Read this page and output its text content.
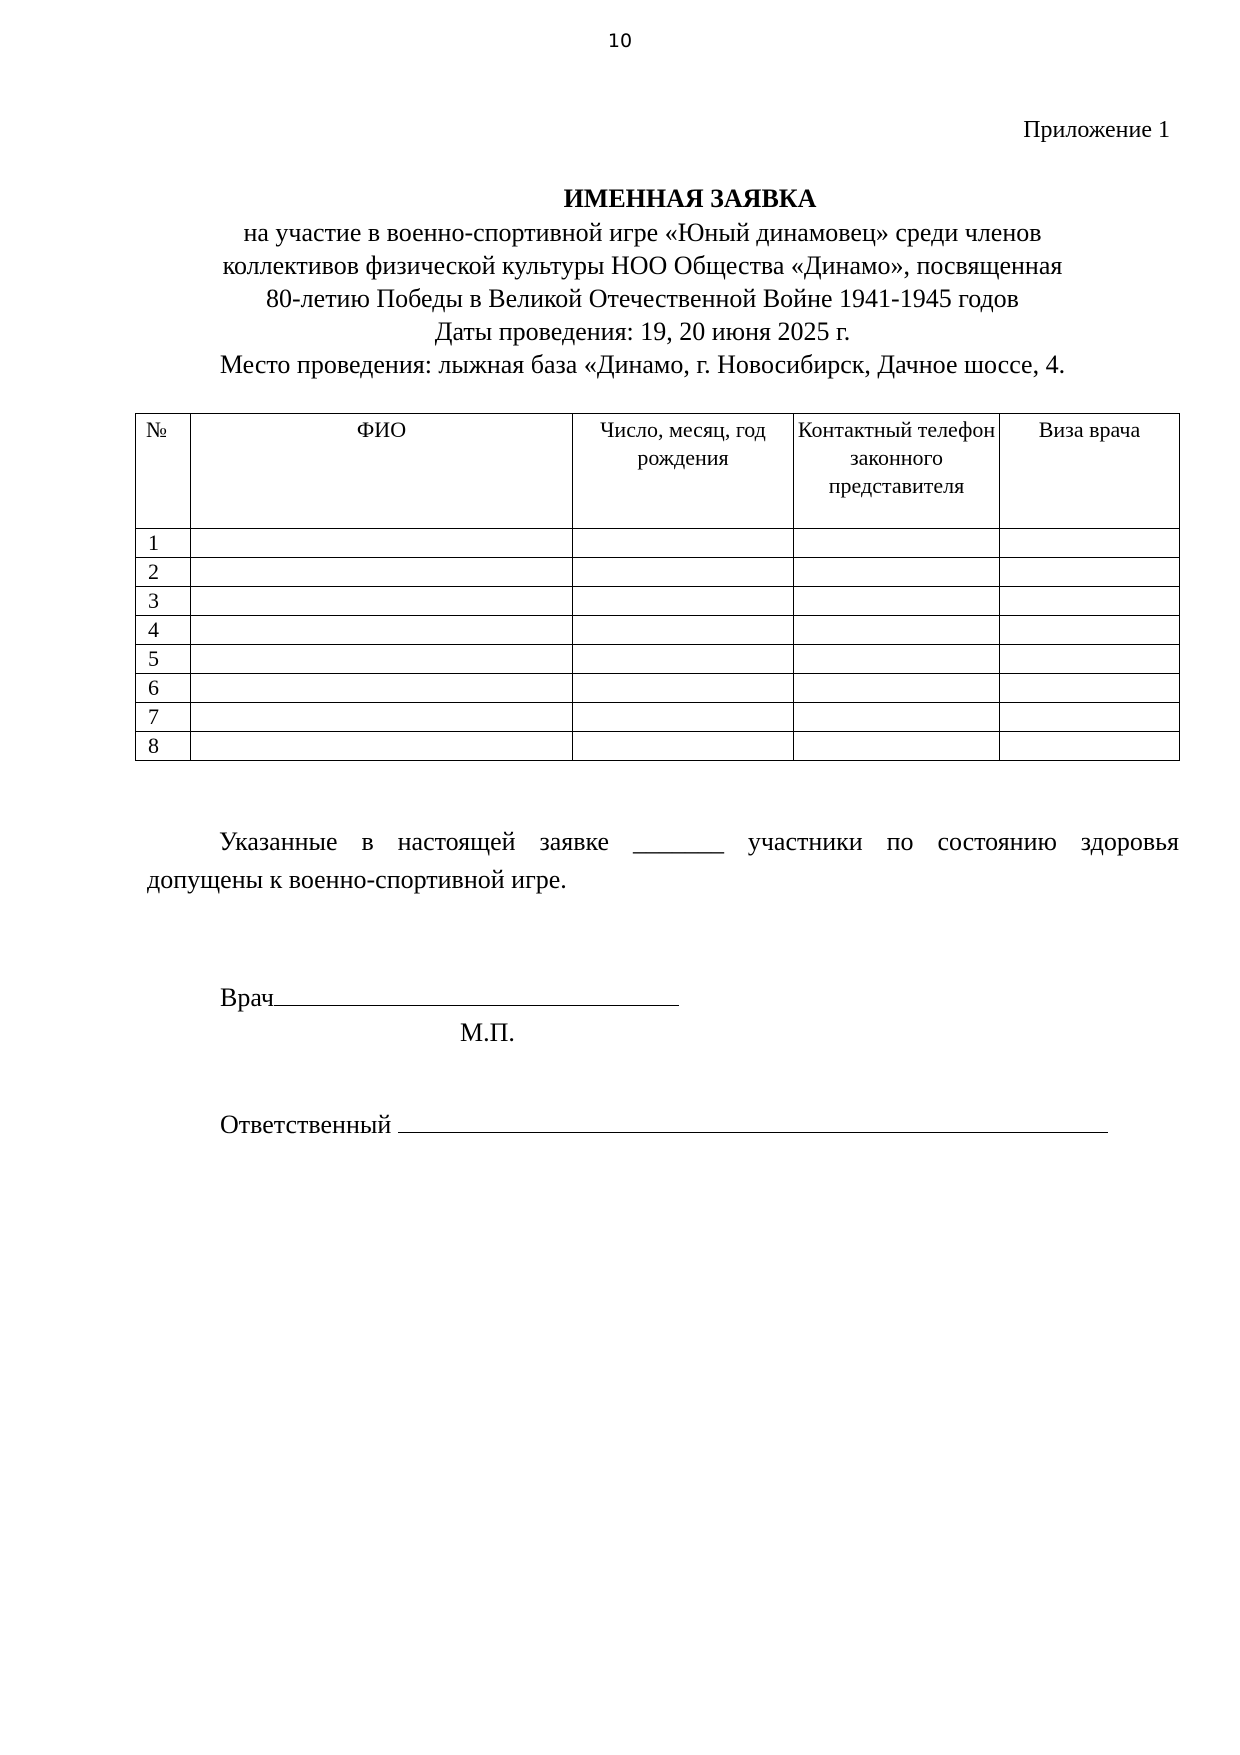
10
Приложение 1
ИМЕННАЯ ЗАЯВКА
на участие в военно-спортивной игре «Юный динамовец» среди членов
коллективов физической культуры НОО Общества «Динамо», посвященная
80-летию Победы в Великой Отечественной Войне 1941-1945 годов
Даты проведения: 19, 20 июня 2025 г.
Место проведения: лыжная база «Динамо, г. Новосибирск, Дачное шоссе, 4.
№	ФИО	Число, месяц, год рождения	Контактный телефон законного представителя	Виза врача
1				
2				
3				
4				
5				
6				
7				
8				
Указанные в настоящей заявке _______ участники по состоянию здоровья
допущены к военно-спортивной игре.
Врач
М.П.
Ответственный
